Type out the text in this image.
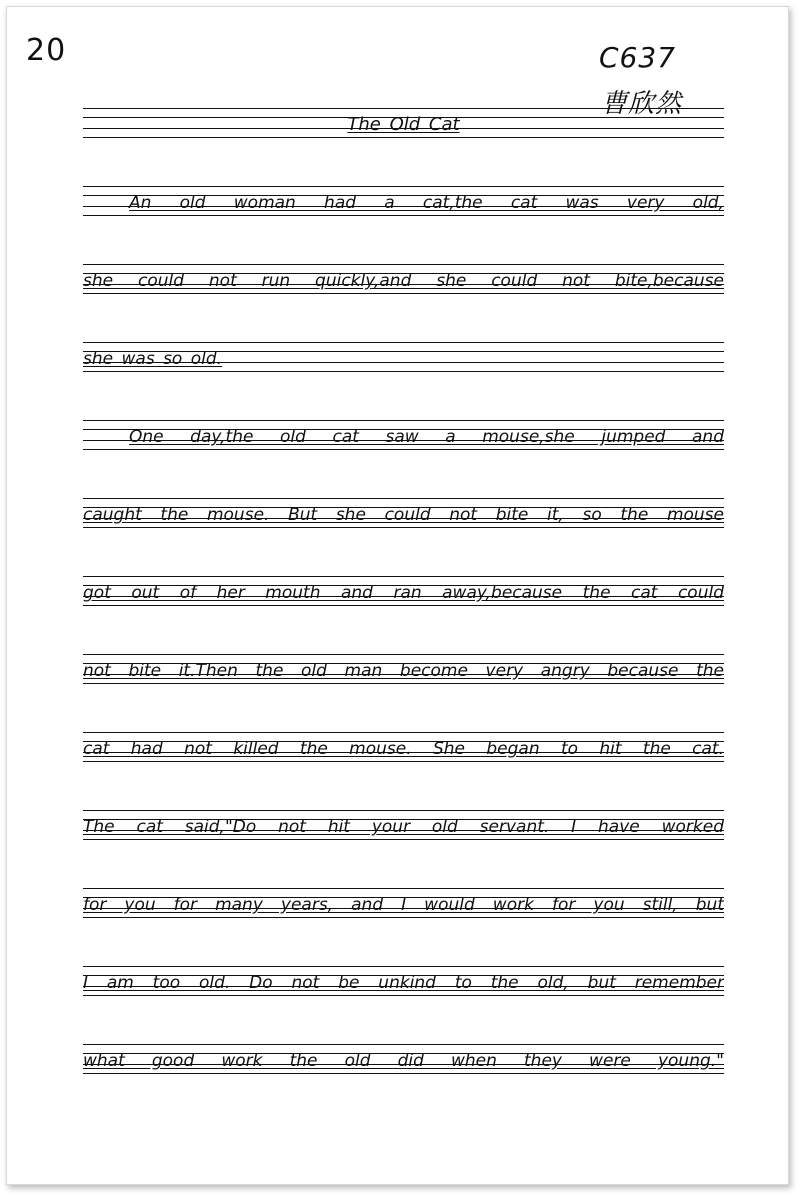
20	C637
曹欣然
The Old Cat
An old woman had a cat,the cat was very old,
she could not run quickly,and she could not bite,because
she was so old.
One day,the old cat saw a mouse,she jumped and
caught the mouse. But she could not bite it, so the mouse
got out of her mouth and ran away,because the cat could
not bite it.Then the old man become very angry because the
cat had not killed the mouse. She began to hit the cat.
The cat said,"Do not hit your old servant. I have worked
for you for many years, and I would work for you still, but
I am too old. Do not be unkind to the old, but remember
what good work the old did when they were young."
